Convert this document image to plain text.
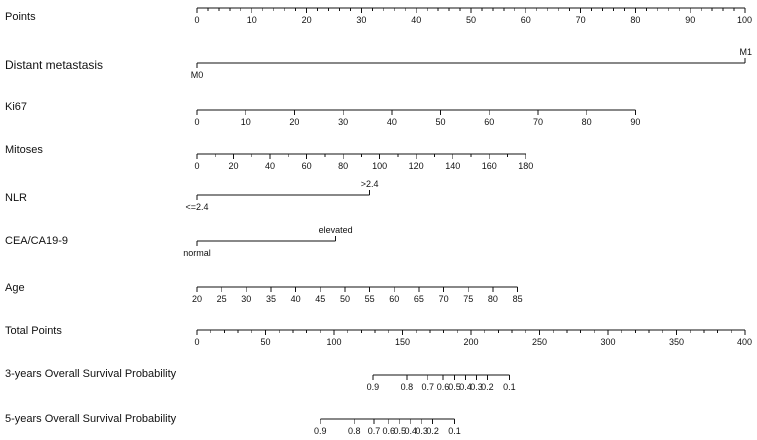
Points	0	10	20	30	40	50	60	70	80	90	100
Distant metastasis
M0
M1
Ki67
0	10	20	30	40	50	60	70	80	90
Mitoses
0	20	40	60	80	100 120 140 160 180
NLR
<=2.4
>2.4
CEA/CA19-9
normal
elevated
Age
20 25 30 35 40 45 50 55 60 65 70 75 80 85
Total Points
0	50	100	150	200	250	300	350	400
3-years Overall Survival Probability
0.9 0.8 0.7 0.6
0.5
0.4
0.3
0.2 0.1
5-years Overall Survival Probability
0.9 0.8 0.7 0.6
0.5
0.4
0.3
0.2 0.1
